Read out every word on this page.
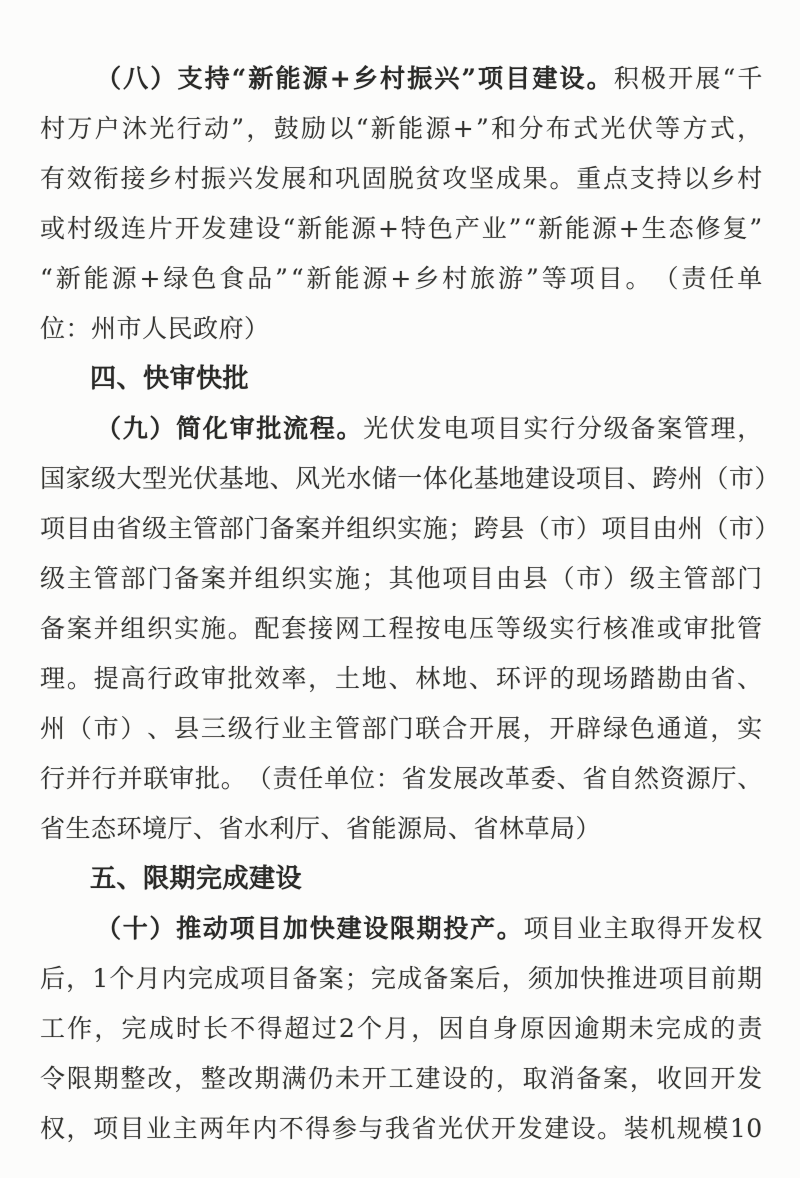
（ 八 ） 支 持 “ 新 能 源 + 乡 村 振 兴 ” 项 目 建 设 。 积 极 开 展 “ 千
村 万 户 沐 光 行 动 ” ， 鼓 励 以 “ 新 能 源 + ” 和 分 布 式 光 伏 等 方 式 ，
有 效 衔 接 乡 村 振 兴 发 展 和 巩 固 脱 贫 攻 坚 成 果 。 重 点 支 持 以 乡 村
或 村 级 连 片 开 发 建 设 “ 新 能 源 + 特 色 产 业 ” “ 新 能 源 + 生 态 修 复 ”
“ 新 能 源 + 绿 色 食 品 ” “ 新 能 源 + 乡 村 旅 游 ” 等 项 目 。 （ 责 任 单
位：州市人民政府）
四、快审快批
（ 九 ） 简 化 审 批 流 程 。 光 伏 发 电 项 目 实 行 分 级 备 案 管 理 ，
国 家 级 大 型 光 伏 基 地 、 风 光 水 储 一 体 化 基 地 建 设 项 目 、 跨 州 （ 市 ）
项 目 由 省 级 主 管 部 门 备 案 并 组 织 实 施 ； 跨 县 （ 市 ） 项 目 由 州 （ 市 ）
级 主 管 部 门 备 案 并 组 织 实 施 ； 其 他 项 目 由 县 （ 市 ） 级 主 管 部 门
备 案 并 组 织 实 施 。 配 套 接 网 工 程 按 电 压 等 级 实 行 核 准 或 审 批 管
理 。 提 高 行 政 审 批 效 率 ， 土 地 、 林 地 、 环 评 的 现 场 踏 勘 由 省 、
州 （ 市 ） 、 县 三 级 行 业 主 管 部 门 联 合 开 展 ， 开 辟 绿 色 通 道 ， 实
行 并 行 并 联 审 批 。 （ 责 任 单 位 ： 省 发 展 改 革 委 、 省 自 然 资 源 厅 、
省生态环境厅、省水利厅、省能源局、省林草局）
五、限期完成建设
（ 十 ） 推 动 项 目 加 快 建 设 限 期 投 产 。 项 目 业 主 取 得 开 发 权
后 ， 1 个 月 内 完 成 项 目 备 案 ； 完 成 备 案 后 ， 须 加 快 推 进 项 目 前 期
工 作 ， 完 成 时 长 不 得 超 过 2 个 月 ， 因 自 身 原 因 逾 期 未 完 成 的 责
令 限 期 整 改 ， 整 改 期 满 仍 未 开 工 建 设 的 ， 取 消 备 案 ， 收 回 开 发
权 ， 项 目 业 主 两 年 内 不 得 参 与 我 省 光 伏 开 发 建 设 。 装 机 规 模 10
